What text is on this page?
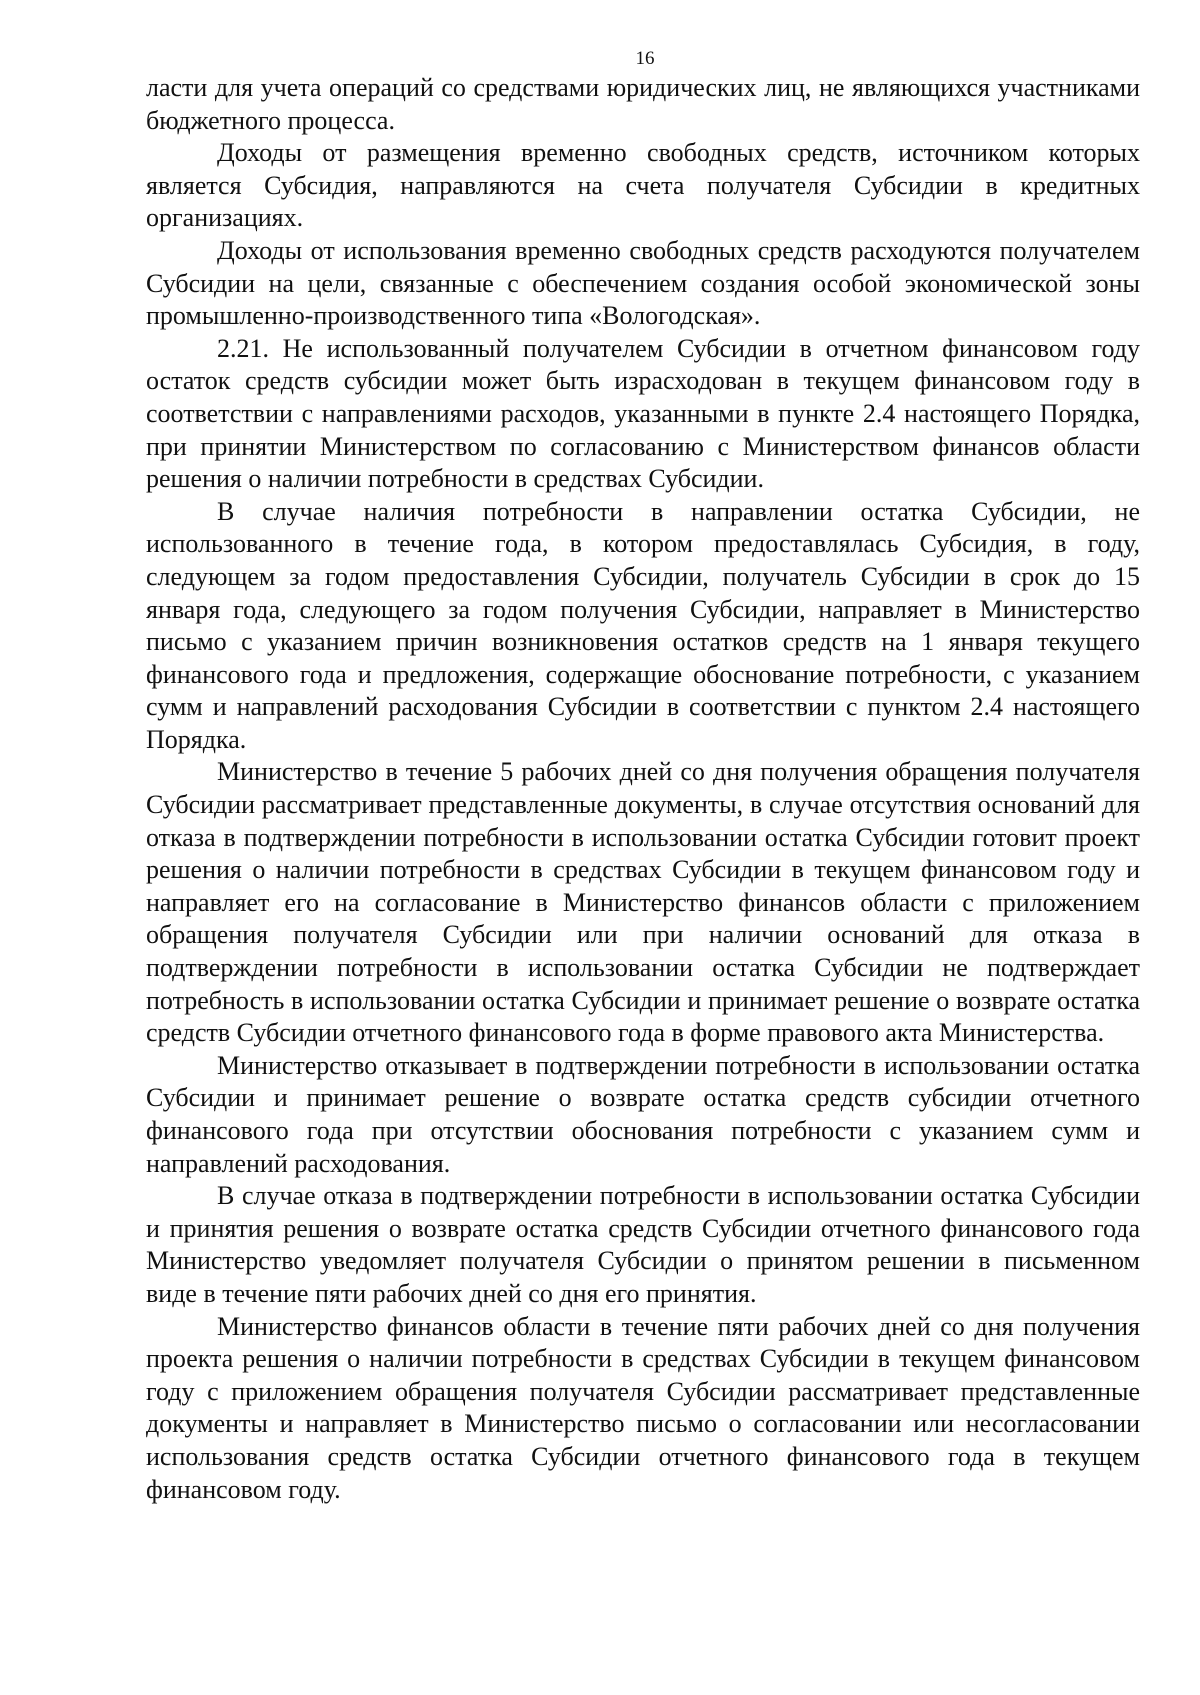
16

ласти для учета операций со средствами юридических лиц, не являющихся участниками бюджетного процесса.

Доходы от размещения временно свободных средств, источником которых является Субсидия, направляются на счета получателя Субсидии в кредитных организациях.

Доходы от использования временно свободных средств расходуются получателем Субсидии на цели, связанные с обеспечением создания особой экономической зоны промышленно-производственного типа «Вологодская».

2.21. Не использованный получателем Субсидии в отчетном финансовом году остаток средств субсидии может быть израсходован в текущем финансовом году в соответствии с направлениями расходов, указанными в пункте 2.4 настоящего Порядка, при принятии Министерством по согласованию с Министерством финансов области решения о наличии потребности в средствах Субсидии.

В случае наличия потребности в направлении остатка Субсидии, не использованного в течение года, в котором предоставлялась Субсидия, в году, следующем за годом предоставления Субсидии, получатель Субсидии в срок до 15 января года, следующего за годом получения Субсидии, направляет в Министерство письмо с указанием причин возникновения остатков средств на 1 января текущего финансового года и предложения, содержащие обоснование потребности, с указанием сумм и направлений расходования Субсидии в соответствии с пунктом 2.4 настоящего Порядка.

Министерство в течение 5 рабочих дней со дня получения обращения получателя Субсидии рассматривает представленные документы, в случае отсутствия оснований для отказа в подтверждении потребности в использовании остатка Субсидии готовит проект решения о наличии потребности в средствах Субсидии в текущем финансовом году и направляет его на согласование в Министерство финансов области с приложением обращения получателя Субсидии или при наличии оснований для отказа в подтверждении потребности в использовании остатка Субсидии не подтверждает потребность в использовании остатка Субсидии и принимает решение о возврате остатка средств Субсидии отчетного финансового года в форме правового акта Министерства.

Министерство отказывает в подтверждении потребности в использовании остатка Субсидии и принимает решение о возврате остатка средств субсидии отчетного финансового года при отсутствии обоснования потребности с указанием сумм и направлений расходования.

В случае отказа в подтверждении потребности в использовании остатка Субсидии и принятия решения о возврате остатка средств Субсидии отчетного финансового года Министерство уведомляет получателя Субсидии о принятом решении в письменном виде в течение пяти рабочих дней со дня его принятия.

Министерство финансов области в течение пяти рабочих дней со дня получения проекта решения о наличии потребности в средствах Субсидии в текущем финансовом году с приложением обращения получателя Субсидии рассматривает представленные документы и направляет в Министерство письмо о согласовании или несогласовании использования средств остатка Субсидии отчетного финансового года в текущем финансовом году.
